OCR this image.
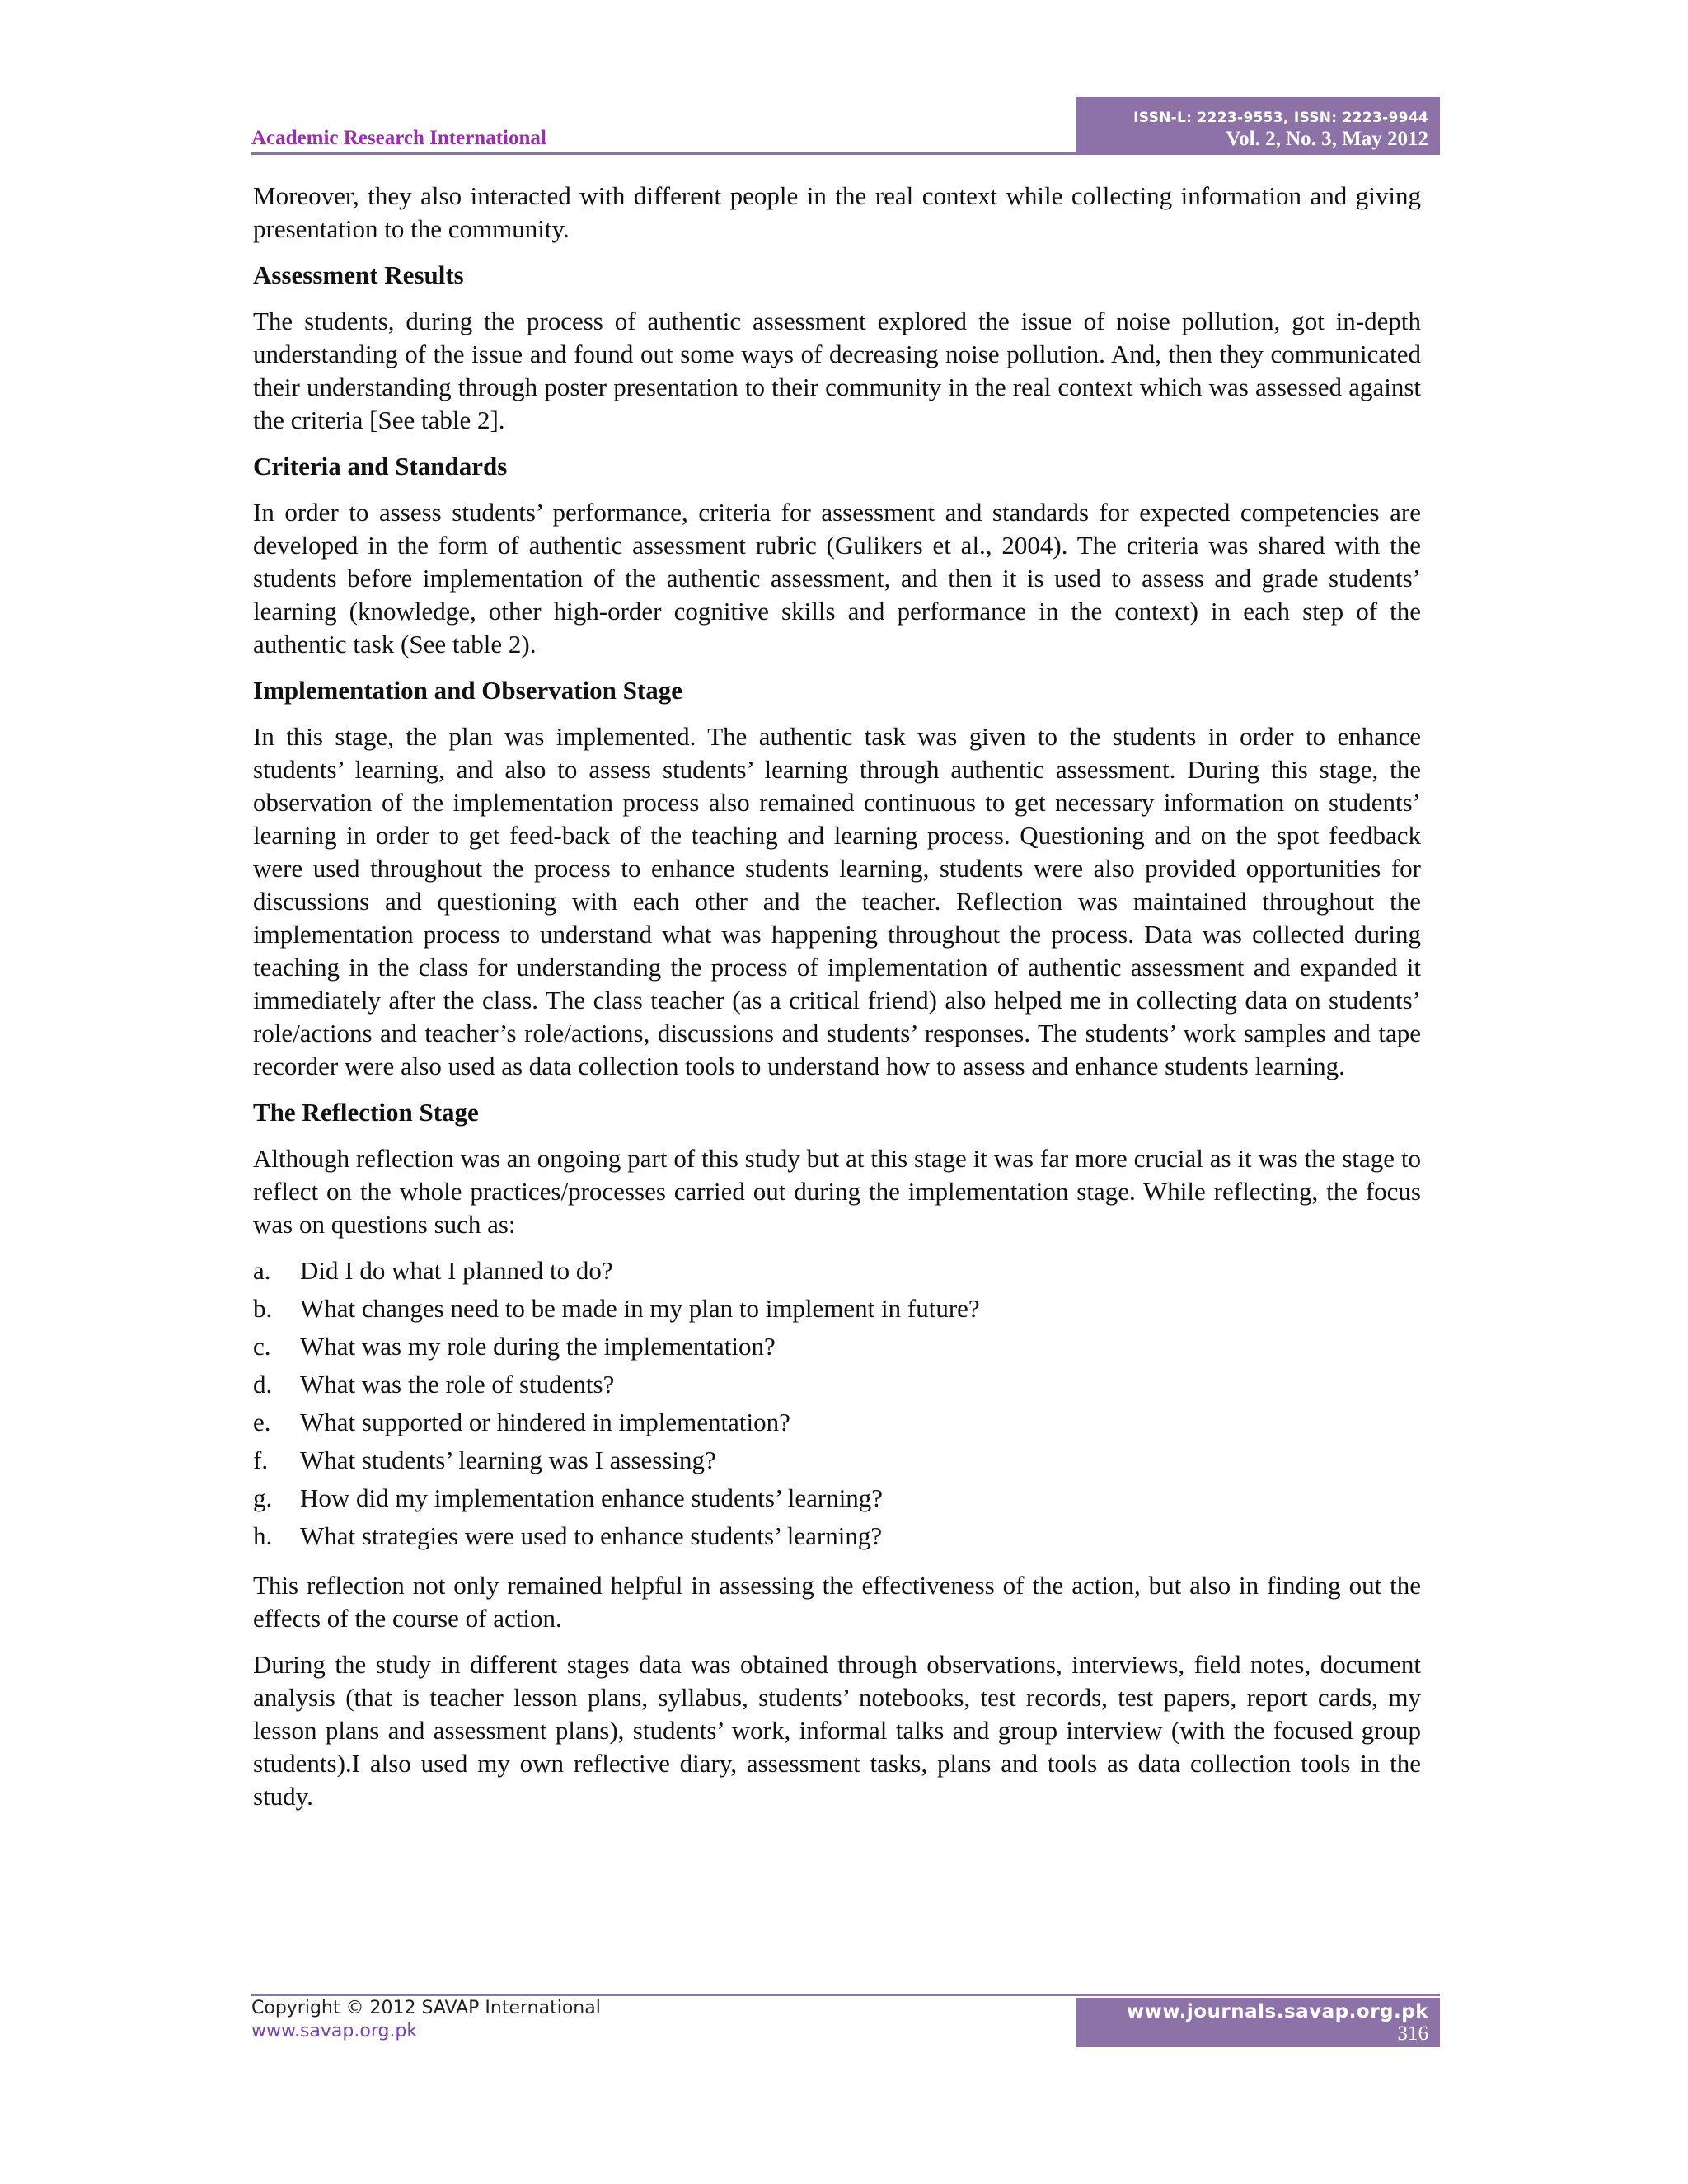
Academic Research International
ISSN-L: 2223-9553, ISSN: 2223-9944
Vol. 2, No. 3, May 2012

Moreover, they also interacted with different people in the real context while collecting information and giving presentation to the community.

Assessment Results

The students, during the process of authentic assessment explored the issue of noise pollution, got in-depth understanding of the issue and found out some ways of decreasing noise pollution. And, then they communicated their understanding through poster presentation to their community in the real context which was assessed against the criteria [See table 2].

Criteria and Standards

In order to assess students’ performance, criteria for assessment and standards for expected competencies are developed in the form of authentic assessment rubric (Gulikers et al., 2004). The criteria was shared with the students before implementation of the authentic assessment, and then it is used to assess and grade students’ learning (knowledge, other high-order cognitive skills and performance in the context) in each step of the authentic task (See table 2).

Implementation and Observation Stage

In this stage, the plan was implemented. The authentic task was given to the students in order to enhance students’ learning, and also to assess students’ learning through authentic assessment. During this stage, the observation of the implementation process also remained continuous to get necessary information on students’ learning in order to get feed-back of the teaching and learning process. Questioning and on the spot feedback were used throughout the process to enhance students learning, students were also provided opportunities for discussions and questioning with each other and the teacher. Reflection was maintained throughout the implementation process to understand what was happening throughout the process. Data was collected during teaching in the class for understanding the process of implementation of authentic assessment and expanded it immediately after the class. The class teacher (as a critical friend) also helped me in collecting data on students’ role/actions and teacher’s role/actions, discussions and students’ responses. The students’ work samples and tape recorder were also used as data collection tools to understand how to assess and enhance students learning.

The Reflection Stage

Although reflection was an ongoing part of this study but at this stage it was far more crucial as it was the stage to reflect on the whole practices/processes carried out during the implementation stage. While reflecting, the focus was on questions such as:

a.	Did I do what I planned to do?
b.	What changes need to be made in my plan to implement in future?
c.	What was my role during the implementation?
d.	What was the role of students?
e.	What supported or hindered in implementation?
f.	What students’ learning was I assessing?
g.	How did my implementation enhance students’ learning?
h.	What strategies were used to enhance students’ learning?

This reflection not only remained helpful in assessing the effectiveness of the action, but also in finding out the effects of the course of action.

During the study in different stages data was obtained through observations, interviews, field notes, document analysis (that is teacher lesson plans, syllabus, students’ notebooks, test records, test papers, report cards, my lesson plans and assessment plans), students’ work, informal talks and group interview (with the focused group students).I also used my own reflective diary, assessment tasks, plans and tools as data collection tools in the study.

Copyright © 2012 SAVAP International
www.savap.org.pk
www.journals.savap.org.pk
316
